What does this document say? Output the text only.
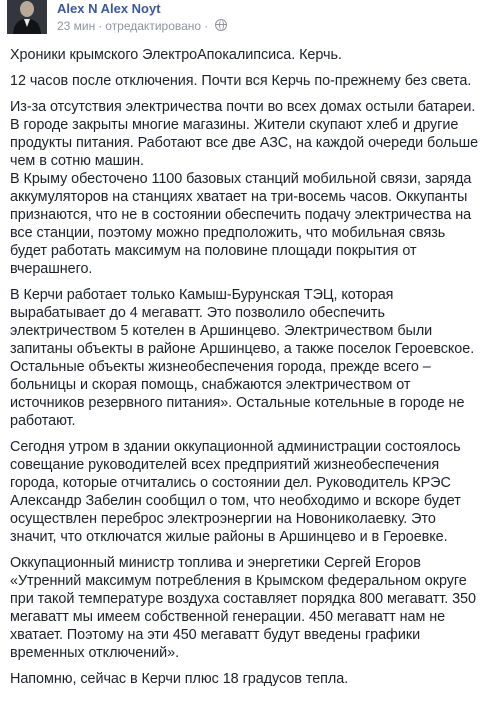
Alex N Alex Noyt
23 мин · отредактировано ·

Хроники крымского ЭлектроАпокалипсиса. Керчь.

12 часов после отключения. Почти вся Керчь по-прежнему без света.

Из-за отсутствия электричества почти во всех домах остыли батареи.
В городе закрыты многие магазины. Жители скупают хлеб и другие
продукты питания. Работают все две АЗС, на каждой очереди больше
чем в сотню машин.
В Крыму обесточено 1100 базовых станций мобильной связи, заряда
аккумуляторов на станциях хватает на три-восемь часов. Оккупанты
признаются, что не в состоянии обеспечить подачу электричества на
все станции, поэтому можно предположить, что мобильная связь
будет работать максимум на половине площади покрытия от
вчерашнего.

В Керчи работает только Камыш-Бурунская ТЭЦ, которая
вырабатывает до 4 мегаватт. Это позволило обеспечить
электричеством 5 котелен в Аршинцево. Электричеством были
запитаны объекты в районе Аршинцево, а также поселок Героевское.
Остальные объекты жизнеобеспечения города, прежде всего –
больницы и скорая помощь, снабжаются электричеством от
источников резервного питания». Остальные котельные в городе не
работают.

Сегодня утром в здании оккупационной администрации состоялось
совещание руководителей всех предприятий жизнеобеспечения
города, которые отчитались о состоянии дел. Руководитель КРЭС
Александр Забелин сообщил о том, что необходимо и вскоре будет
осуществлен переброс электроэнергии на Новониколаевку. Это
значит, что отключатся жилые районы в Аршинцево и в Героевке.

Оккупационный министр топлива и энергетики Сергей Егоров
«Утренний максимум потребления в Крымском федеральном округе
при такой температуре воздуха составляет порядка 800 мегаватт. 350
мегаватт мы имеем собственной генерации. 450 мегаватт нам не
хватает. Поэтому на эти 450 мегаватт будут введены графики
временных отключений».

Напомню, сейчас в Керчи плюс 18 градусов тепла.
